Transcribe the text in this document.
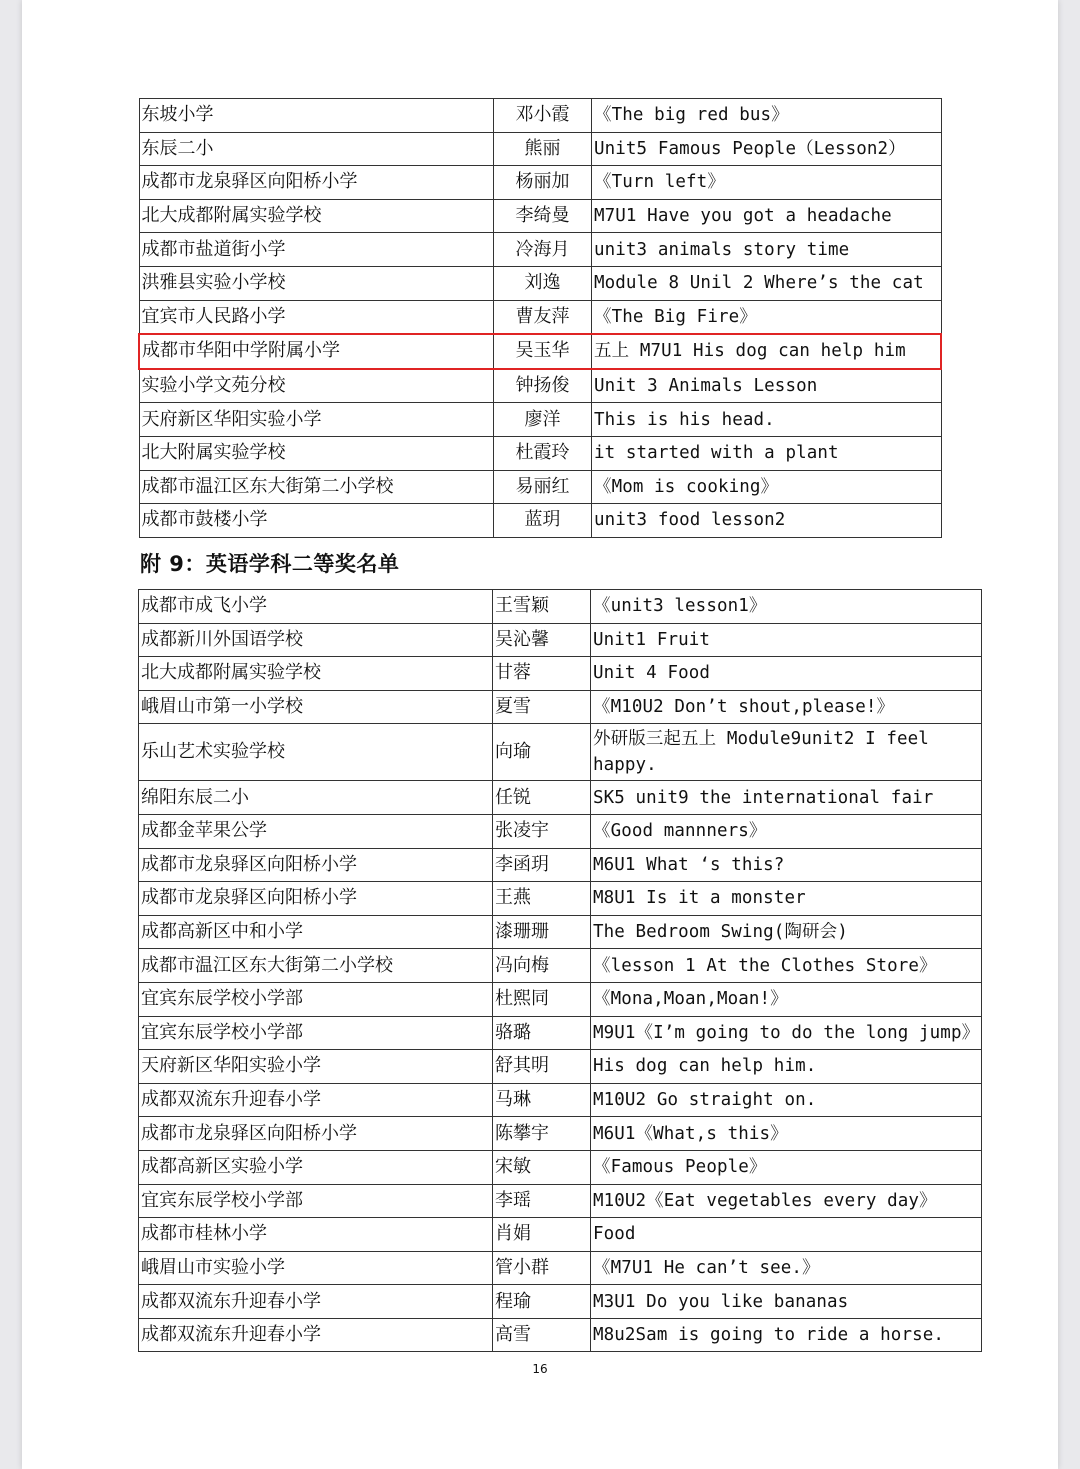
东坡小学	邓小霞	《The big red bus》
东辰二小	熊丽	Unit5 Famous People（Lesson2）
成都市龙泉驿区向阳桥小学	杨丽加	《Turn left》
北大成都附属实验学校	李绮曼	M7U1 Have you got a headache
成都市盐道街小学	冷海月	unit3 animals story time
洪雅县实验小学校	刘逸	Module 8 Unil 2 Where’s the cat
宜宾市人民路小学	曹友萍	《The Big Fire》
成都市华阳中学附属小学	吴玉华	五上 M7U1 His dog can help him
实验小学文苑分校	钟扬俊	Unit 3 Animals Lesson
天府新区华阳实验小学	廖洋	This is his head.
北大附属实验学校	杜霞玲	it started with a plant
成都市温江区东大街第二小学校	易丽红	《Mom is cooking》
成都市鼓楼小学	蓝玥	unit3 food lesson2
附 9：英语学科二等奖名单
成都市成飞小学	王雪颖	《unit3 lesson1》
成都新川外国语学校	吴沁馨	Unit1 Fruit
北大成都附属实验学校	甘蓉	Unit 4 Food
峨眉山市第一小学校	夏雪	《M10U2 Don’t shout,please!》
乐山艺术实验学校	向瑜	外研版三起五上 Module9unit2 I feel happy.
绵阳东辰二小	任锐	SK5 unit9 the international fair
成都金苹果公学	张凌宇	《Good mannners》
成都市龙泉驿区向阳桥小学	李函玥	M6U1 What ‘s this?
成都市龙泉驿区向阳桥小学	王燕	M8U1 Is it a monster
成都高新区中和小学	漆珊珊	The Bedroom Swing(陶研会)
成都市温江区东大街第二小学校	冯向梅	《lesson 1 At the Clothes Store》
宜宾东辰学校小学部	杜熙同	《Mona,Moan,Moan!》
宜宾东辰学校小学部	骆璐	M9U1《I’m going to do the long jump》
天府新区华阳实验小学	舒其明	His dog can help him.
成都双流东升迎春小学	马琳	M10U2 Go straight on.
成都市龙泉驿区向阳桥小学	陈攀宇	M6U1《What,s this》
成都高新区实验小学	宋敏	《Famous People》
宜宾东辰学校小学部	李瑶	M10U2《Eat vegetables every day》
成都市桂林小学	肖娟	Food
峨眉山市实验小学	管小群	《M7U1 He can’t see.》
成都双流东升迎春小学	程瑜	M3U1 Do you like bananas
成都双流东升迎春小学	高雪	M8u2Sam is going to ride a horse.
16
